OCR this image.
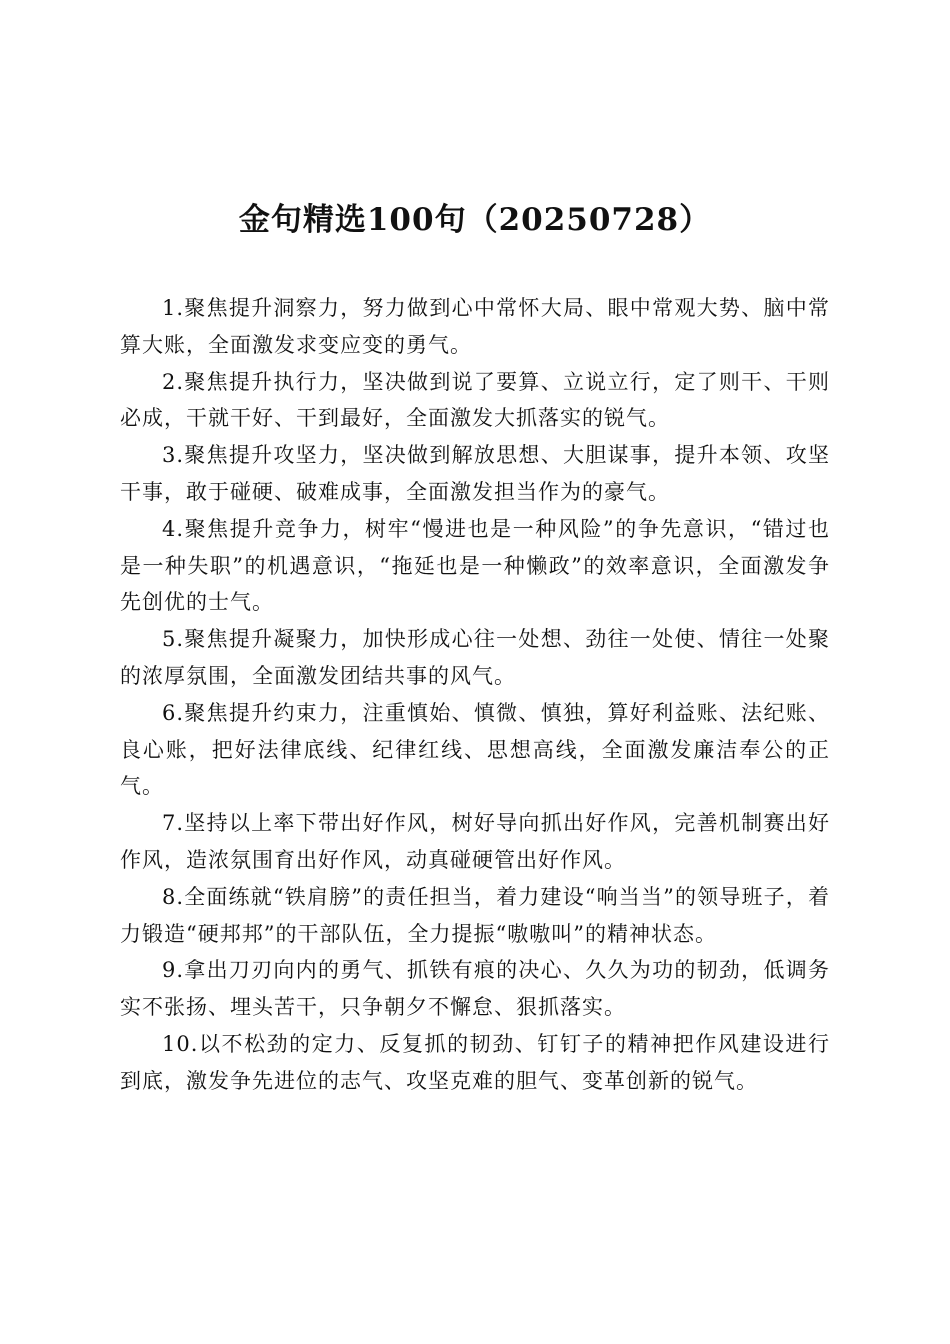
金句精选100句（20250728）

1.聚焦提升洞察力，努力做到心中常怀大局、眼中常观大势、脑中常算大账，全面激发求变应变的勇气。

2.聚焦提升执行力，坚决做到说了要算、立说立行，定了则干、干则必成，干就干好、干到最好，全面激发大抓落实的锐气。

3.聚焦提升攻坚力，坚决做到解放思想、大胆谋事，提升本领、攻坚干事，敢于碰硬、破难成事，全面激发担当作为的豪气。

4.聚焦提升竞争力，树牢“慢进也是一种风险”的争先意识，“错过也是一种失职”的机遇意识，“拖延也是一种懒政”的效率意识，全面激发争先创优的士气。

5.聚焦提升凝聚力，加快形成心往一处想、劲往一处使、情往一处聚的浓厚氛围，全面激发团结共事的风气。

6.聚焦提升约束力，注重慎始、慎微、慎独，算好利益账、法纪账、良心账，把好法律底线、纪律红线、思想高线，全面激发廉洁奉公的正气。

7.坚持以上率下带出好作风，树好导向抓出好作风，完善机制赛出好作风，造浓氛围育出好作风，动真碰硬管出好作风。

8.全面练就“铁肩膀”的责任担当，着力建设“响当当”的领导班子，着力锻造“硬邦邦”的干部队伍，全力提振“嗷嗷叫”的精神状态。

9.拿出刀刃向内的勇气、抓铁有痕的决心、久久为功的韧劲，低调务实不张扬、埋头苦干，只争朝夕不懈怠、狠抓落实。

10.以不松劲的定力、反复抓的韧劲、钉钉子的精神把作风建设进行到底，激发争先进位的志气、攻坚克难的胆气、变革创新的锐气。
